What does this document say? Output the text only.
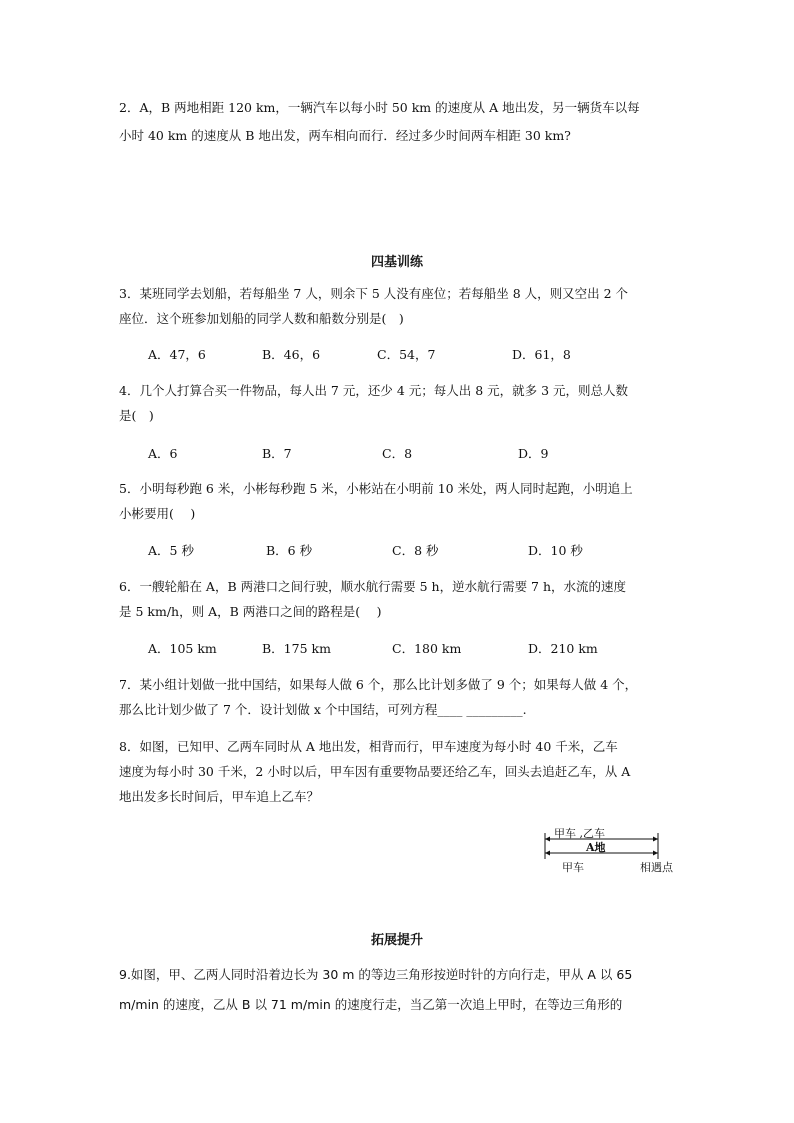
2．A，B 两地相距 120 km，一辆汽车以每小时 50 km 的速度从 A 地出发，另一辆货车以每
小时 40 km 的速度从 B 地出发，两车相向而行．经过多少时间两车相距 30 km?
四基训练
3．某班同学去划船，若每船坐 7 人，则余下 5 人没有座位；若每船坐 8 人，则又空出 2 个
座位．这个班参加划船的同学人数和船数分别是(　)
A．47，6	B．46，6	C．54，7	D．61，8
4．几个人打算合买一件物品，每人出 7 元，还少 4 元；每人出 8 元，就多 3 元，则总人数
是(　)
A．6	B．7	C．8	D．9
5．小明每秒跑 6 米，小彬每秒跑 5 米，小彬站在小明前 10 米处，两人同时起跑，小明追上
小彬要用(　 )
A．5 秒	B．6 秒	C．8 秒	D．10 秒
6．一艘轮船在 A，B 两港口之间行驶，顺水航行需要 5 h，逆水航行需要 7 h，水流的速度
是 5 km/h，则 A，B 两港口之间的路程是(　 )
A．105 km	B．175 km	C．180 km	D．210 km
7．某小组计划做一批中国结，如果每人做 6 个，那么比计划多做了 9 个；如果每人做 4 个，
那么比计划少做了 7 个．设计划做 x 个中国结，可列方程____ _________.
8．如图，已知甲、乙两车同时从 A 地出发，相背而行，甲车速度为每小时 40 千米，乙车
速度为每小时 30 千米，2 小时以后，甲车因有重要物品要还给乙车，回头去追赶乙车，从 A
地出发多长时间后，甲车追上乙车？
甲车 ,乙车
A地
甲车	相遇点
拓展提升
9.如图，甲、乙两人同时沿着边长为 30 m 的等边三角形按逆时针的方向行走，甲从 A 以 65
m/min 的速度，乙从 B 以 71 m/min 的速度行走，当乙第一次追上甲时，在等边三角形的
